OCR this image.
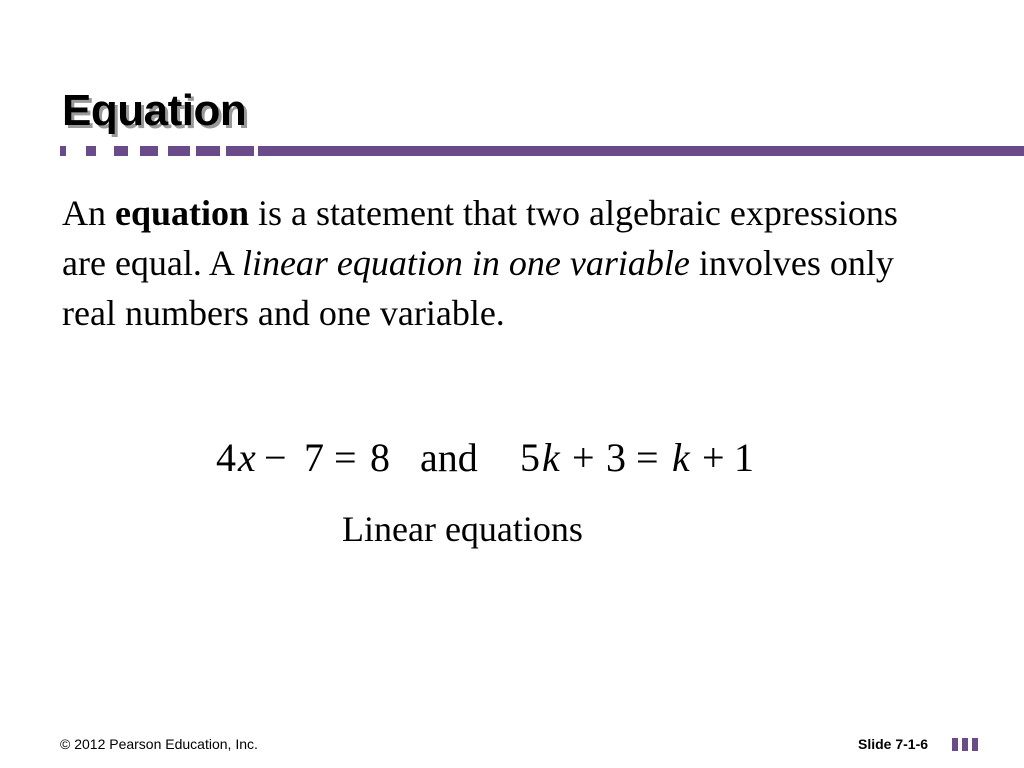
Equation
An equation is a statement that two algebraic expressions are equal. A linear equation in one variable involves only real numbers and one variable.
4 x − 7 = 8 and 5 k + 3 = k + 1
Linear equations
© 2012 Pearson Education, Inc.	Slide 7-1-6
